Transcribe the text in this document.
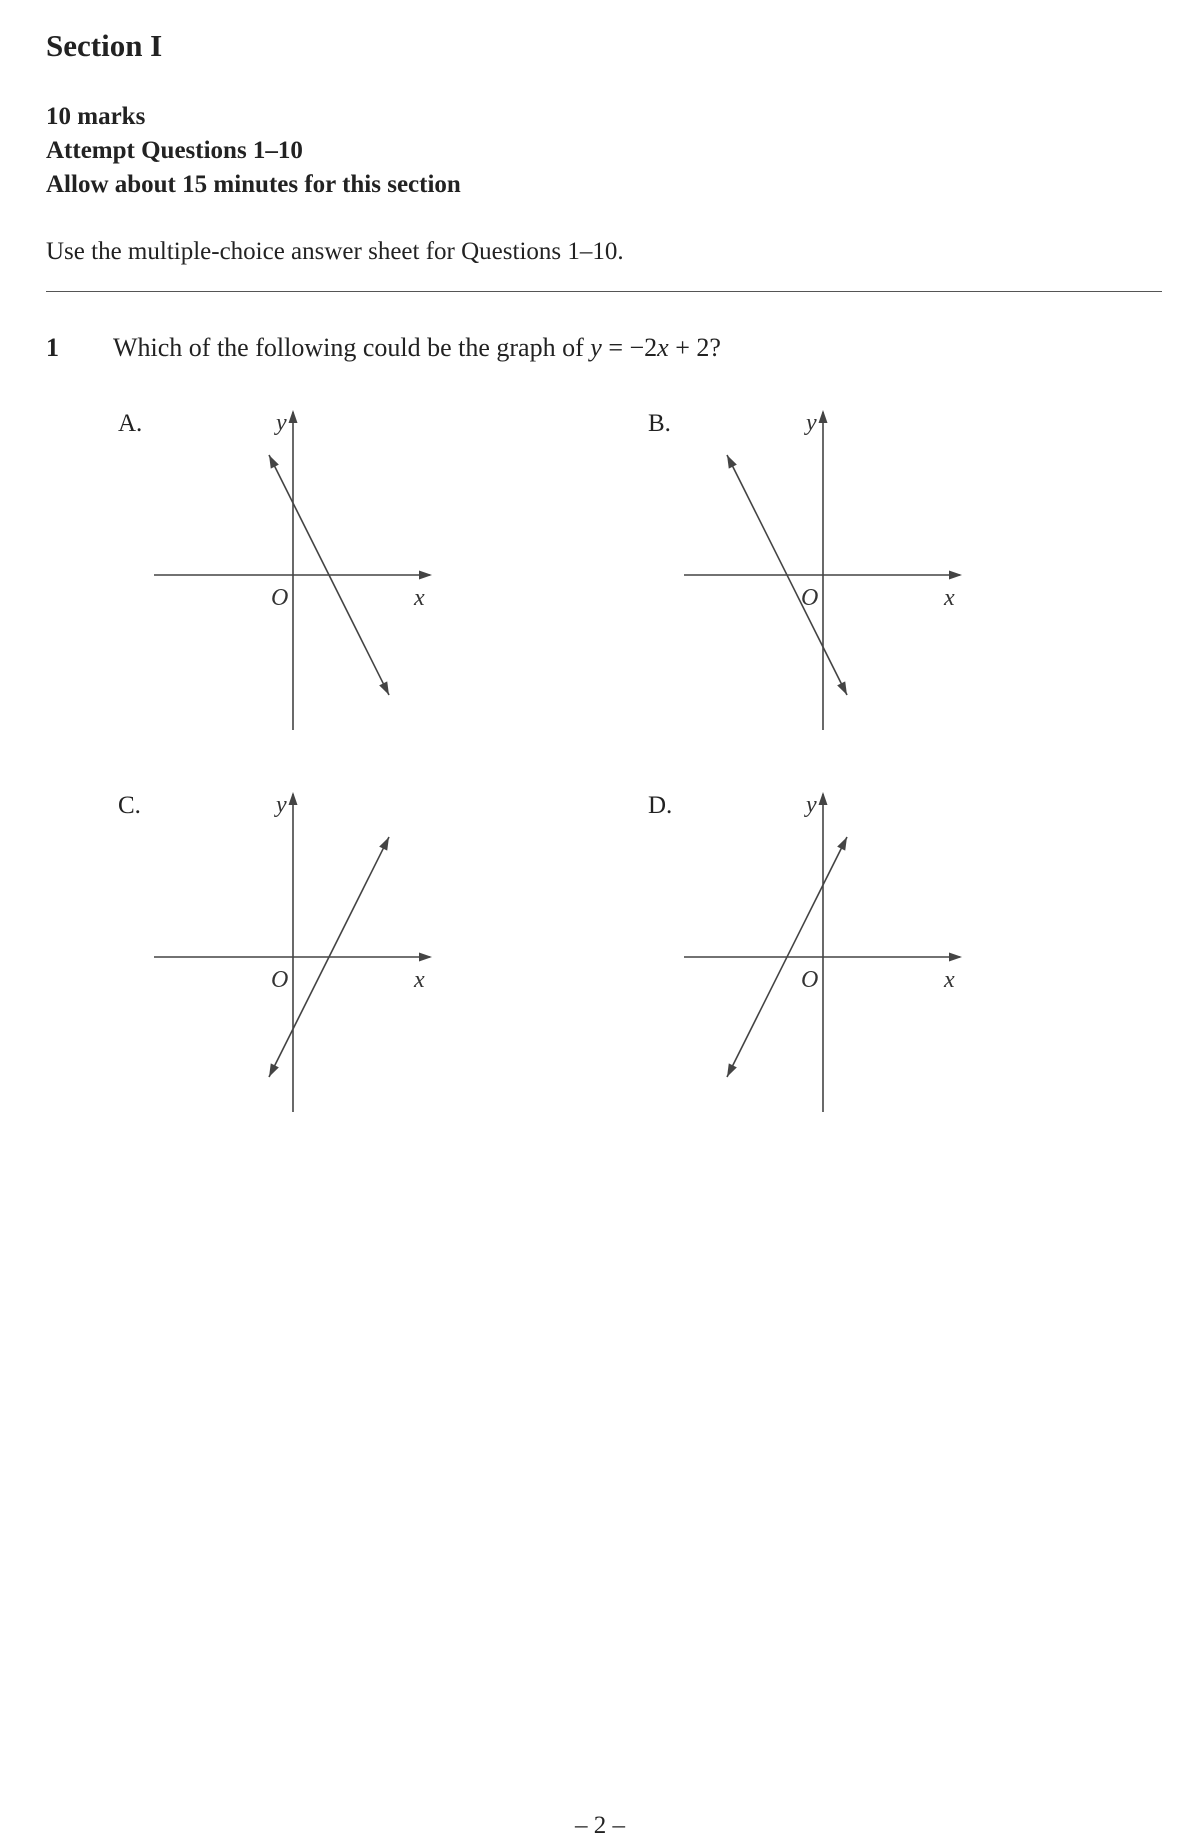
Section I
10 marks
Attempt Questions 1–10
Allow about 15 minutes for this section
Use the multiple-choice answer sheet for Questions 1–10.
1 Which of the following could be the graph of y = −2x + 2?
A.
x
y
O
B.
x
y
O
C.
x
y
O
D.
x
y
O
– 2 –
